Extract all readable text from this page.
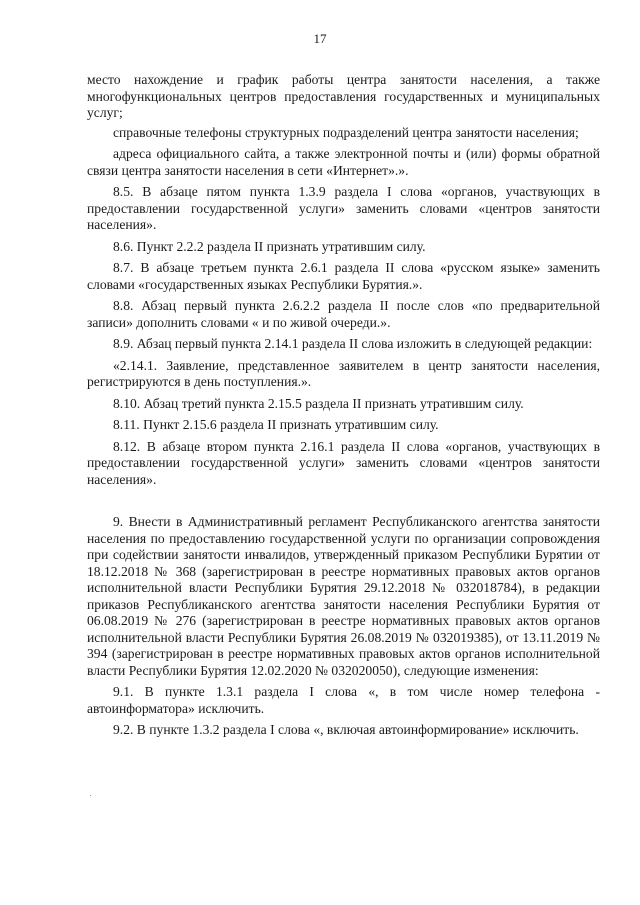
17

место нахождение и график работы центра занятости населения, а также многофункциональных центров предоставления государственных и муниципальных услуг;

справочные телефоны структурных подразделений центра занятости населения;

адреса официального сайта, а также электронной почты и (или) формы обратной связи центра занятости населения в сети «Интернет».».

8.5. В абзаце пятом пункта 1.3.9 раздела I слова «органов, участвующих в предоставлении государственной услуги» заменить словами «центров занятости населения».

8.6. Пункт 2.2.2 раздела II признать утратившим силу.

8.7. В абзаце третьем пункта 2.6.1 раздела II слова «русском языке» заменить словами «государственных языках Республики Бурятия.».

8.8. Абзац первый пункта 2.6.2.2 раздела II после слов «по предварительной записи» дополнить словами « и по живой очереди.».

8.9. Абзац первый пункта 2.14.1 раздела II слова изложить в следующей редакции:

«2.14.1. Заявление, представленное заявителем в центр занятости населения, регистрируются в день поступления.».

8.10. Абзац третий пункта 2.15.5 раздела II признать утратившим силу.

8.11. Пункт 2.15.6 раздела II признать утратившим силу.

8.12. В абзаце втором пункта 2.16.1 раздела II слова «органов, участвующих в предоставлении государственной услуги» заменить словами «центров занятости населения».

9. Внести в Административный регламент Республиканского агентства занятости населения по предоставлению государственной услуги по организации сопровождения при содействии занятости инвалидов, утвержденный приказом Республики Бурятии от 18.12.2018 № 368 (зарегистрирован в реестре нормативных правовых актов органов исполнительной власти Республики Бурятия 29.12.2018 № 032018784), в редакции приказов Республиканского агентства занятости населения Республики Бурятия от 06.08.2019 № 276 (зарегистрирован в реестре нормативных правовых актов органов исполнительной власти Республики Бурятия 26.08.2019 № 032019385), от 13.11.2019 № 394 (зарегистрирован в реестре нормативных правовых актов органов исполнительной власти Республики Бурятия 12.02.2020 № 032020050), следующие изменения:

9.1. В пункте 1.3.1 раздела I слова «, в том числе номер телефона - автоинформатора» исключить.

9.2. В пункте 1.3.2 раздела I слова «, включая автоинформирование» исключить.
